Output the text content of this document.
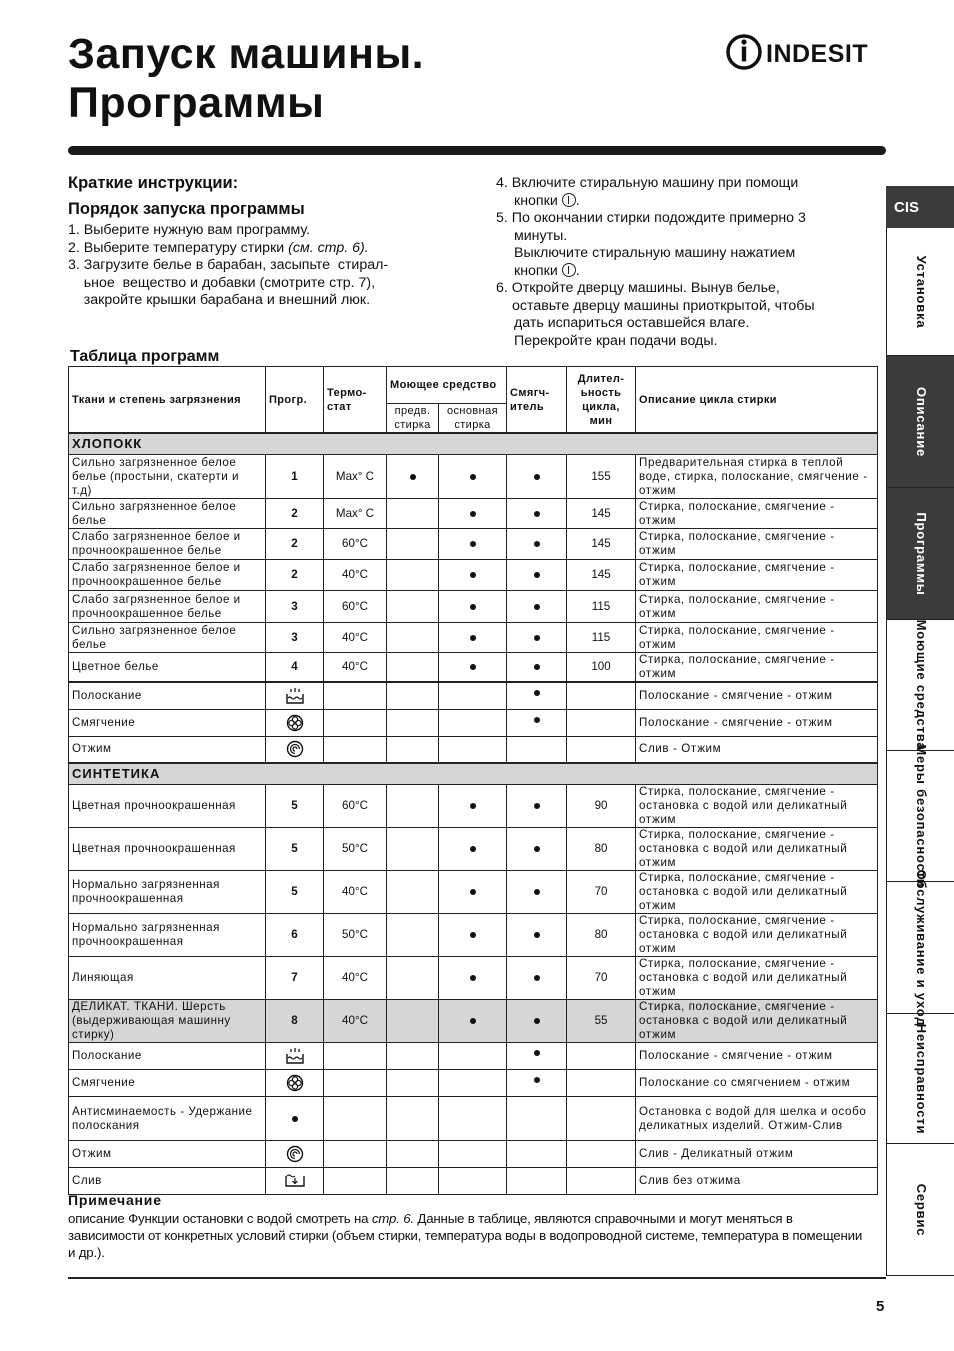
Запуск машины.
Программы
INDESIT
Краткие инструкции:
Порядок запуска программы
1. Выберите нужную вам программу.
2. Выберите температуру стирки (см. стр. 6).
3. Загрузите белье в барабан, засыпьте  стирал-
ьное  вещество и добавки (смотрите стр. 7),
закройте крышки барабана и внешний люк.
4. Включите стиральную машину при помощи
кнопки .
5. По окончании стирки подождите примерно 3
минуты.
Выключите стиральную машину нажатием
кнопки .
6. Откройте дверцу машины. Вынув белье,
оставьте дверцу машины приоткрытой, чтобы
дать испариться оставшейся влаге.
Перекройте кран подачи воды.
Таблица программ
Ткани и степень загрязнения	Прогр.	Термо-стат	Моющее средство		Смягч-итель	Длител-ьность цикла, мин	Описание цикла стирки
			предв. стирка	основная стирка			
ХЛОПОКК							
Сильно загрязненное белое белье (простыни, скатерти и т.д)	1	Max° C				155	Предварительная стирка в теплой воде, стирка, полоскание, смягчение - отжим
Сильно загрязненное белое белье	2	Max° C				145	Стирка, полоскание, смягчение - отжим
Слабо загрязненное белое и прочноокрашенное белье	2	60°C				145	Стирка, полоскание, смягчение - отжим
Слабо загрязненное белое и прочноокрашенное белье	2	40°C				145	Стирка, полоскание, смягчение - отжим
Слабо загрязненное белое и прочноокрашенное белье	3	60°C				115	Стирка, полоскание, смягчение - отжим
Сильно загрязненное белое белье	3	40°C				115	Стирка, полоскание, смягчение - отжим
Цветное белье	4	40°C				100	Стирка, полоскание, смягчение - отжим
Полоскание							Полоскание - смягчение - отжим
Смягчение							Полоскание - смягчение - отжим
Отжим							Слив - Отжим
СИНТЕТИКА							
Цветная прочноокрашенная	5	60°C				90	Стирка, полоскание, смягчение - остановка с водой или деликатный отжим
Цветная прочноокрашенная	5	50°C				80	Стирка, полоскание, смягчение - остановка с водой или деликатный отжим
Нормально загрязненная прочноокрашенная	5	40°C				70	Стирка, полоскание, смягчение - остановка с водой или деликатный отжим
Нормально загрязненная прочноокрашенная	6	50°C				80	Стирка, полоскание, смягчение - остановка с водой или деликатный отжим
Линяющая	7	40°C				70	Стирка, полоскание, смягчение - остановка с водой или деликатный отжим
ДЕЛИКАТ. ТКАНИ. Шерсть (выдерживающая машинну стирку)	8	40°C				55	Стирка, полоскание, смягчение - остановка с водой или деликатный отжим
Полоскание							Полоскание - смягчение - отжим
Смягчение							Полоскание со смягчением - отжим
Антисминаемость - Удержание полоскания							Остановка с водой для шелка и особо деликатных изделий. Отжим-Слив
Отжим							Слив - Деликатный отжим
Слив							Слив без отжима
Примечание
описание Функции остановки с водой смотреть на стр. 6. Данные в таблице, являются справочными и могут меняться в зависимости от конкретных условий стирки (объем стирки, температура воды в водопроводной системе, температура в помещении и др.).
Установка
Описание
Программы
Моющие средства
Меры безопасности
Обслуживание и уход
Неисправности
Сервис
CIS
5
